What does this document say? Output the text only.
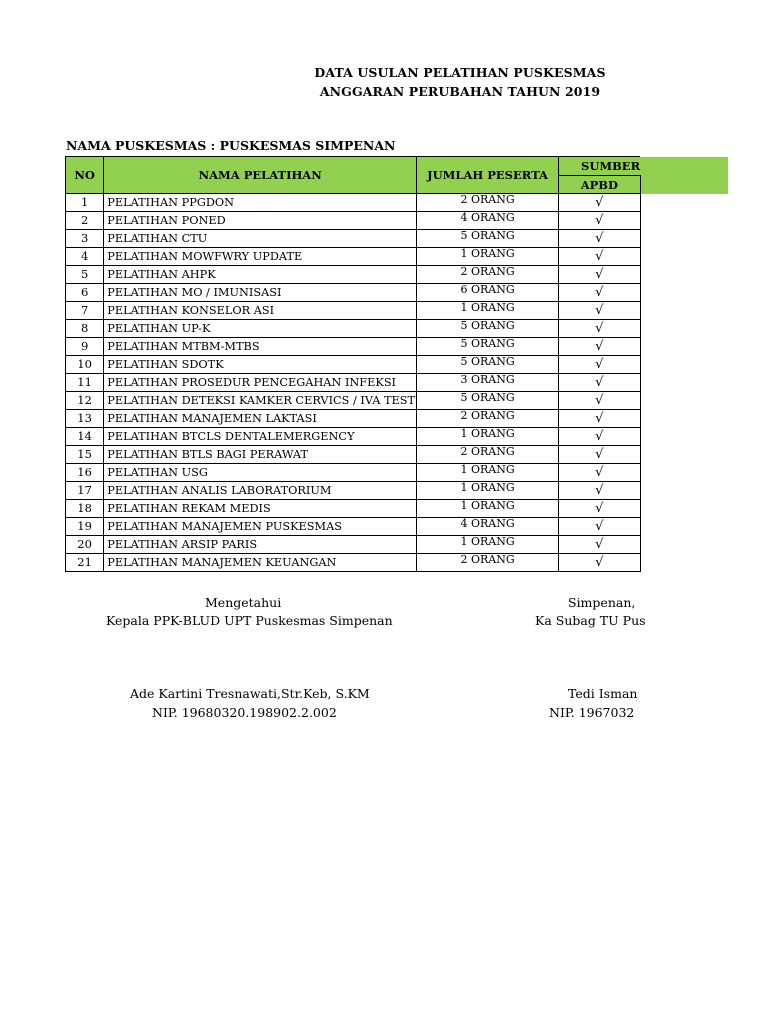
DATA USULAN PELATIHAN PUSKESMAS
ANGGARAN PERUBAHAN TAHUN 2019
NAMA PUSKESMAS : PUSKESMAS SIMPENAN
NO	NAMA PELATIHAN	JUMLAH PESERTA	SUMBER	
			APBD	
1	PELATIHAN PPGDON	2 ORANG	√	
2	PELATIHAN PONED	4 ORANG	√	
3	PELATIHAN CTU	5 ORANG	√	
4	PELATIHAN MOWFWRY UPDATE	1 ORANG	√	
5	PELATIHAN AHPK	2 ORANG	√	
6	PELATIHAN MO / IMUNISASI	6 ORANG	√	
7	PELATIHAN KONSELOR ASI	1 ORANG	√	
8	PELATIHAN UP-K	5 ORANG	√	
9	PELATIHAN MTBM-MTBS	5 ORANG	√	
10	PELATIHAN SDOTK	5 ORANG	√	
11	PELATIHAN PROSEDUR PENCEGAHAN INFEKSI	3 ORANG	√	
12	PELATIHAN DETEKSI KAMKER CERVICS / IVA TEST	5 ORANG	√	
13	PELATIHAN MANAJEMEN LAKTASI	2 ORANG	√	
14	PELATIHAN BTCLS DENTALEMERGENCY	1 ORANG	√	
15	PELATIHAN BTLS BAGI PERAWAT	2 ORANG	√	
16	PELATIHAN USG	1 ORANG	√	
17	PELATIHAN ANALIS LABORATORIUM	1 ORANG	√	
18	PELATIHAN REKAM MEDIS	1 ORANG	√	
19	PELATIHAN MANAJEMEN PUSKESMAS	4 ORANG	√	
20	PELATIHAN ARSIP PARIS	1 ORANG	√	
21	PELATIHAN MANAJEMEN KEUANGAN	2 ORANG	√	
Mengetahui
Kepala PPK-BLUD UPT Puskesmas Simpenan
Ade Kartini Tresnawati,Str.Keb, S.KM
NIP. 19680320.198902.2.002
Simpenan,
Ka Subag TU Pus
Tedi Isman
NIP. 1967032
